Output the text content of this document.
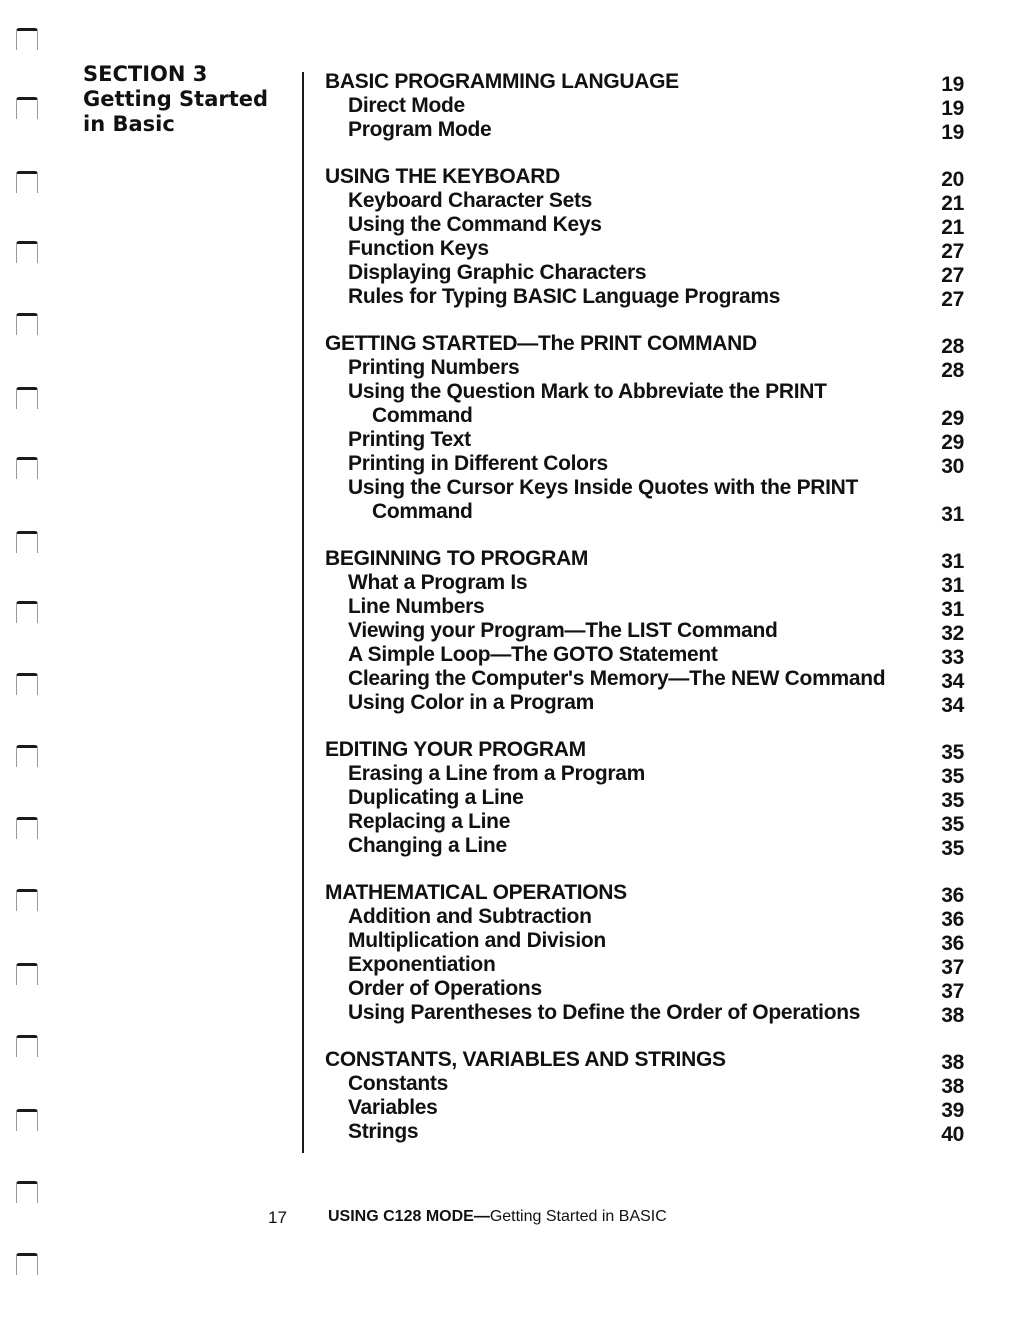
SECTION 3
Getting Started
in Basic
BASIC PROGRAMMING LANGUAGE	19
Direct Mode	19
Program Mode	19
USING THE KEYBOARD	20
Keyboard Character Sets	21
Using the Command Keys	21
Function Keys	27
Displaying Graphic Characters	27
Rules for Typing BASIC Language Programs	27
GETTING STARTED—The PRINT COMMAND	28
Printing Numbers	28
Using the Question Mark to Abbreviate the PRINT
Command	29
Printing Text	29
Printing in Different Colors	30
Using the Cursor Keys Inside Quotes with the PRINT
Command	31
BEGINNING TO PROGRAM	31
What a Program Is	31
Line Numbers	31
Viewing your Program—The LIST Command	32
A Simple Loop—The GOTO Statement	33
Clearing the Computer's Memory—The NEW Command	34
Using Color in a Program	34
EDITING YOUR PROGRAM	35
Erasing a Line from a Program	35
Duplicating a Line	35
Replacing a Line	35
Changing a Line	35
MATHEMATICAL OPERATIONS	36
Addition and Subtraction	36
Multiplication and Division	36
Exponentiation	37
Order of Operations	37
Using Parentheses to Define the Order of Operations	38
CONSTANTS, VARIABLES AND STRINGS	38
Constants	38
Variables	39
Strings	40
17	USING C128 MODE—Getting Started in BASIC
